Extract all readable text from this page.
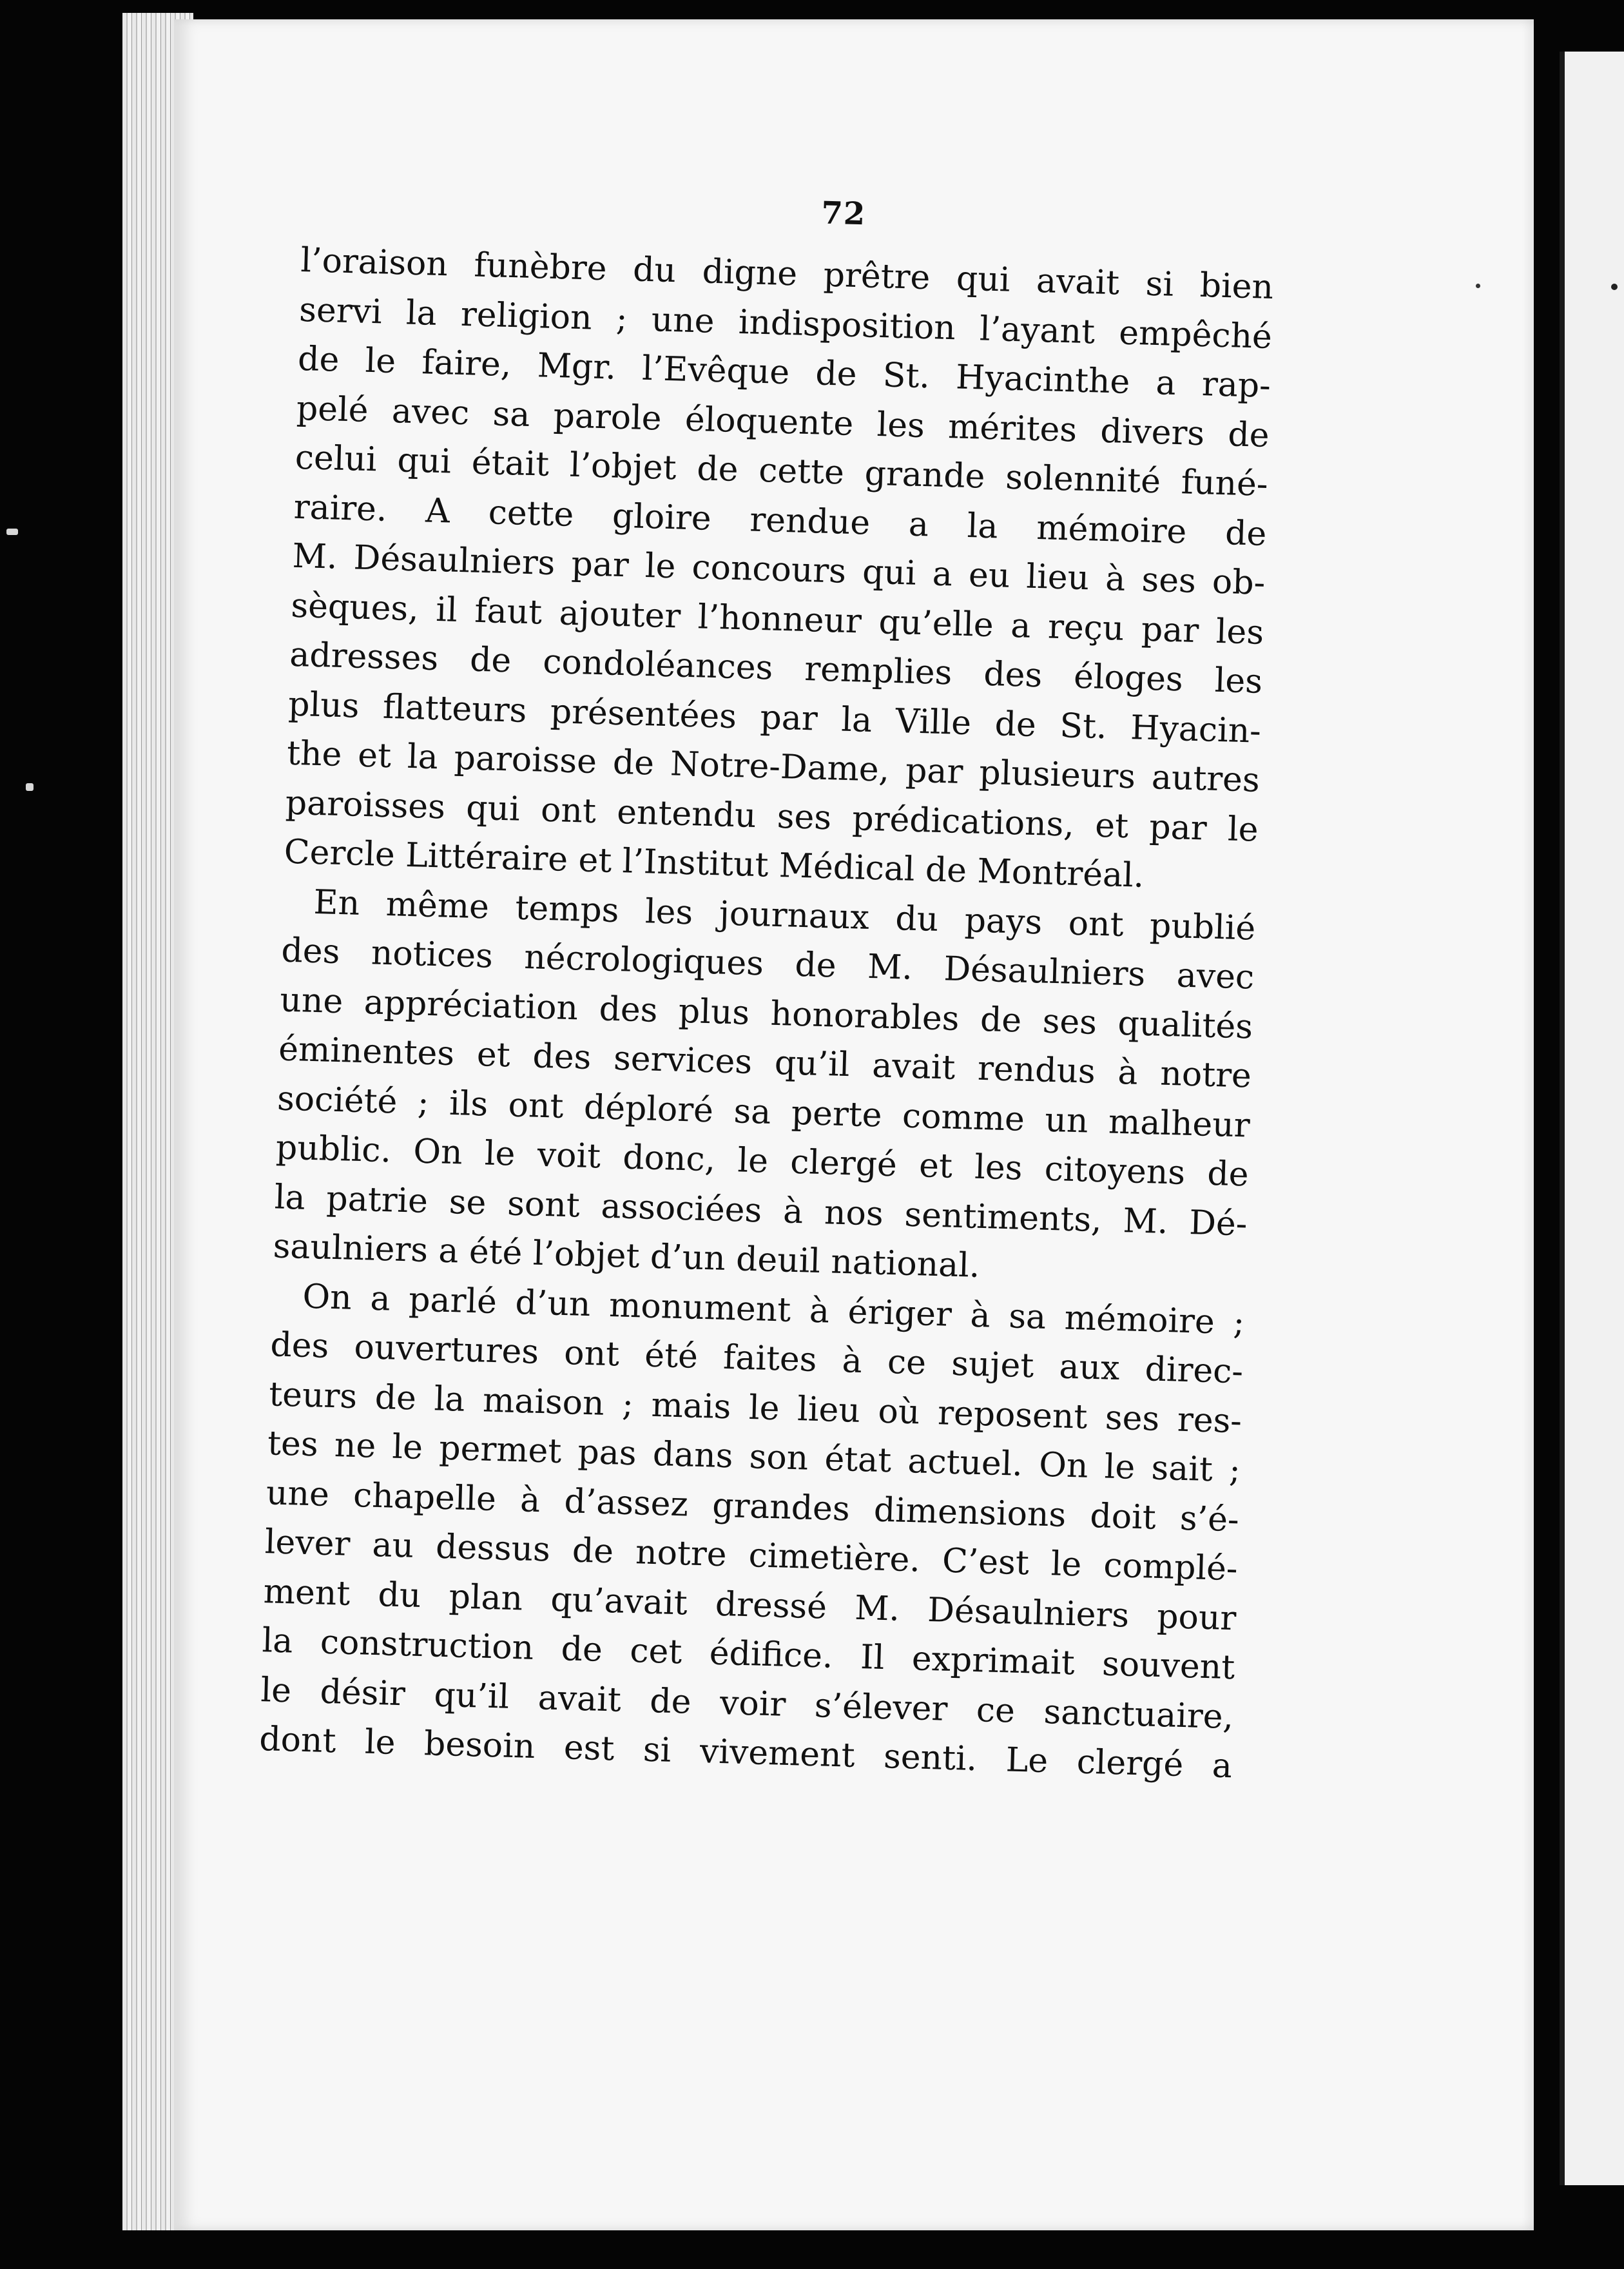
72
l’oraison funèbre du digne prêtre qui avait si bien
servi la religion ; une indisposition l’ayant empêché
de le faire, Mgr. l’Evêque de St. Hyacinthe a rap-
pelé avec sa parole éloquente les mérites divers de
celui qui était l’objet de cette grande solennité funé-
raire. A cette gloire rendue a la mémoire de
M. Désaulniers par le concours qui a eu lieu à ses ob-
sèques, il faut ajouter l’honneur qu’elle a reçu par les
adresses de condoléances remplies des éloges les
plus flatteurs présentées par la Ville de St. Hyacin-
the et la paroisse de Notre-Dame, par plusieurs autres
paroisses qui ont entendu ses prédications, et par le
Cercle Littéraire et l’Institut Médical de Montréal.
En même temps les journaux du pays ont publié
des notices nécrologiques de M. Désaulniers avec
une appréciation des plus honorables de ses qualités
éminentes et des services qu’il avait rendus à notre
société ; ils ont déploré sa perte comme un malheur
public. On le voit donc, le clergé et les citoyens de
la patrie se sont associées à nos sentiments, M. Dé-
saulniers a été l’objet d’un deuil national.
On a parlé d’un monument à ériger à sa mémoire ;
des ouvertures ont été faites à ce sujet aux direc-
teurs de la maison ; mais le lieu où reposent ses res-
tes ne le permet pas dans son état actuel. On le sait ;
une chapelle à d’assez grandes dimensions doit s’é-
lever au dessus de notre cimetière. C’est le complé-
ment du plan qu’avait dressé M. Désaulniers pour
la construction de cet édifice. Il exprimait souvent
le désir qu’il avait de voir s’élever ce sanctuaire,
dont le besoin est si vivement senti. Le clergé a
